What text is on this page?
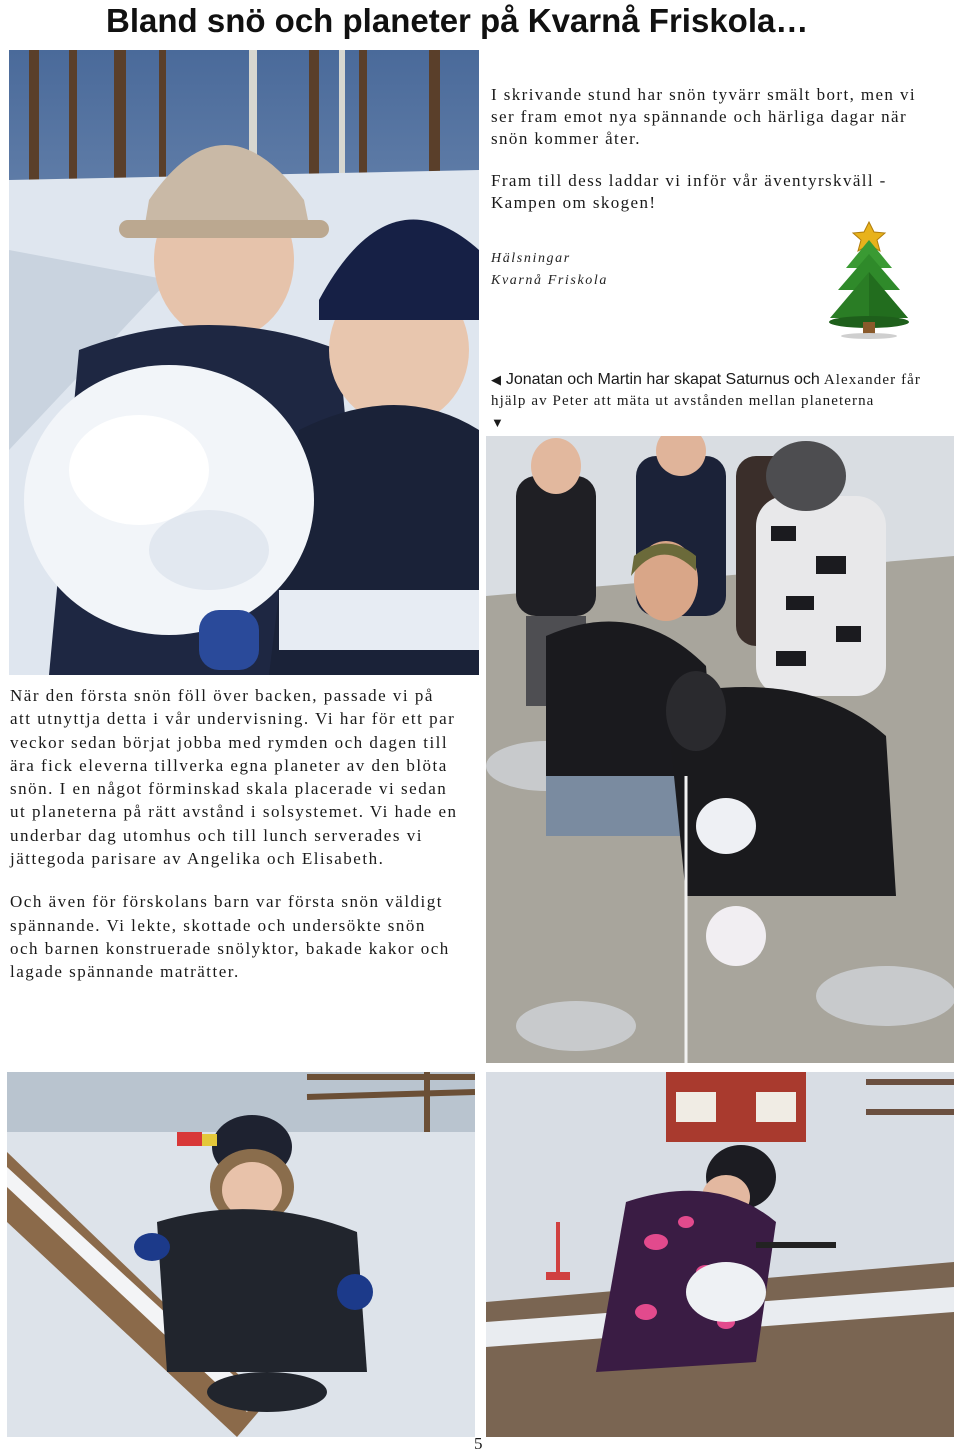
Bland snö och planeter på Kvarnå Friskola…

I skrivande stund har snön tyvärr smält bort, men vi ser fram emot nya spännande och härliga dagar när snön kommer åter.

Fram till dess laddar vi inför vår äventyrskväll - Kampen om skogen!

Hälsningar
Kvarnå Friskola
◀ Jonatan och Martin har skapat Saturnus och Alexander får hjälp av Peter att mäta ut avstånden mellan planeterna
▼

När den första snön föll över backen, passade vi på att utnyttja detta i vår undervisning. Vi har för ett par veckor sedan börjat jobba med rymden och dagen till ära fick eleverna tillverka egna planeter av den blöta snön. I en något förminskad skala placerade vi sedan ut planeterna på rätt avstånd i solsystemet. Vi hade en underbar dag utomhus och till lunch serverades vi jättegoda parisare av Angelika och Elisabeth.

Och även för förskolans barn var första snön väldigt spännande. Vi lekte, skottade och undersökte snön och barnen konstruerade snölyktor, bakade kakor och lagade spännande maträtter.

5
